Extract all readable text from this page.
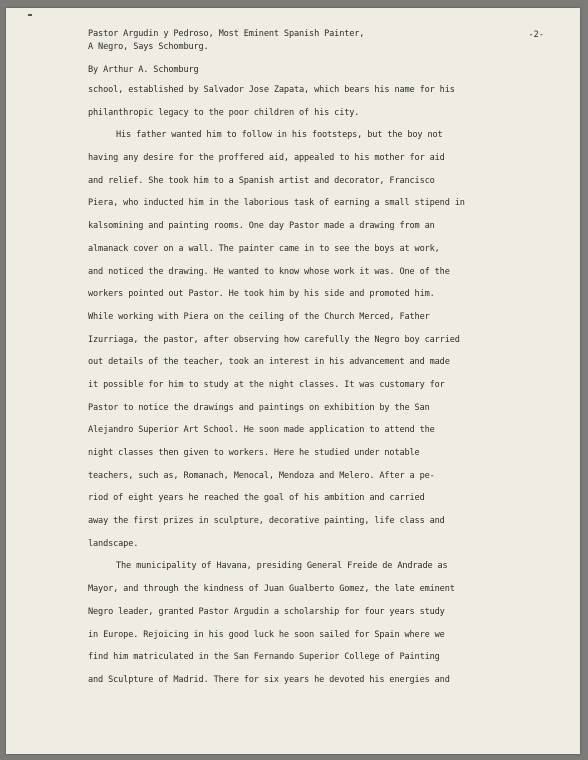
-2-
Pastor Argudin y Pedroso, Most Eminent Spanish Painter,
A Negro, Says Schomburg.
By Arthur A. Schomburg
school, established by Salvador Jose Zapata, which bears his name for his
philanthropic legacy to the poor children of his city.
His father wanted him to follow in his footsteps, but the boy not
having any desire for the proffered aid, appealed to his mother for aid
and relief. She took him to a Spanish artist and decorator, Francisco
Piera, who inducted him in the laborious task of earning a small stipend in
kalsomining and painting rooms. One day Pastor made a drawing from an
almanack cover on a wall. The painter came in to see the boys at work,
and noticed the drawing. He wanted to know whose work it was. One of the
workers pointed out Pastor. He took him by his side and promoted him.
While working with Piera on the ceiling of the Church Merced, Father
Izurriaga, the pastor, after observing how carefully the Negro boy carried
out details of the teacher, took an interest in his advancement and made
it possible for him to study at the night classes. It was customary for
Pastor to notice the drawings and paintings on exhibition by the San
Alejandro Superior Art School. He soon made application to attend the
night classes then given to workers. Here he studied under notable
teachers, such as, Romanach, Menocal, Mendoza and Melero. After a pe-
riod of eight years he reached the goal of his ambition and carried
away the first prizes in sculpture, decorative painting, life class and
landscape.
The municipality of Havana, presiding General Freide de Andrade as
Mayor, and through the kindness of Juan Gualberto Gomez, the late eminent
Negro leader, granted Pastor Argudin a scholarship for four years study
in Europe. Rejoicing in his good luck he soon sailed for Spain where we
find him matriculated in the San Fernando Superior College of Painting
and Sculpture of Madrid. There for six years he devoted his energies and
